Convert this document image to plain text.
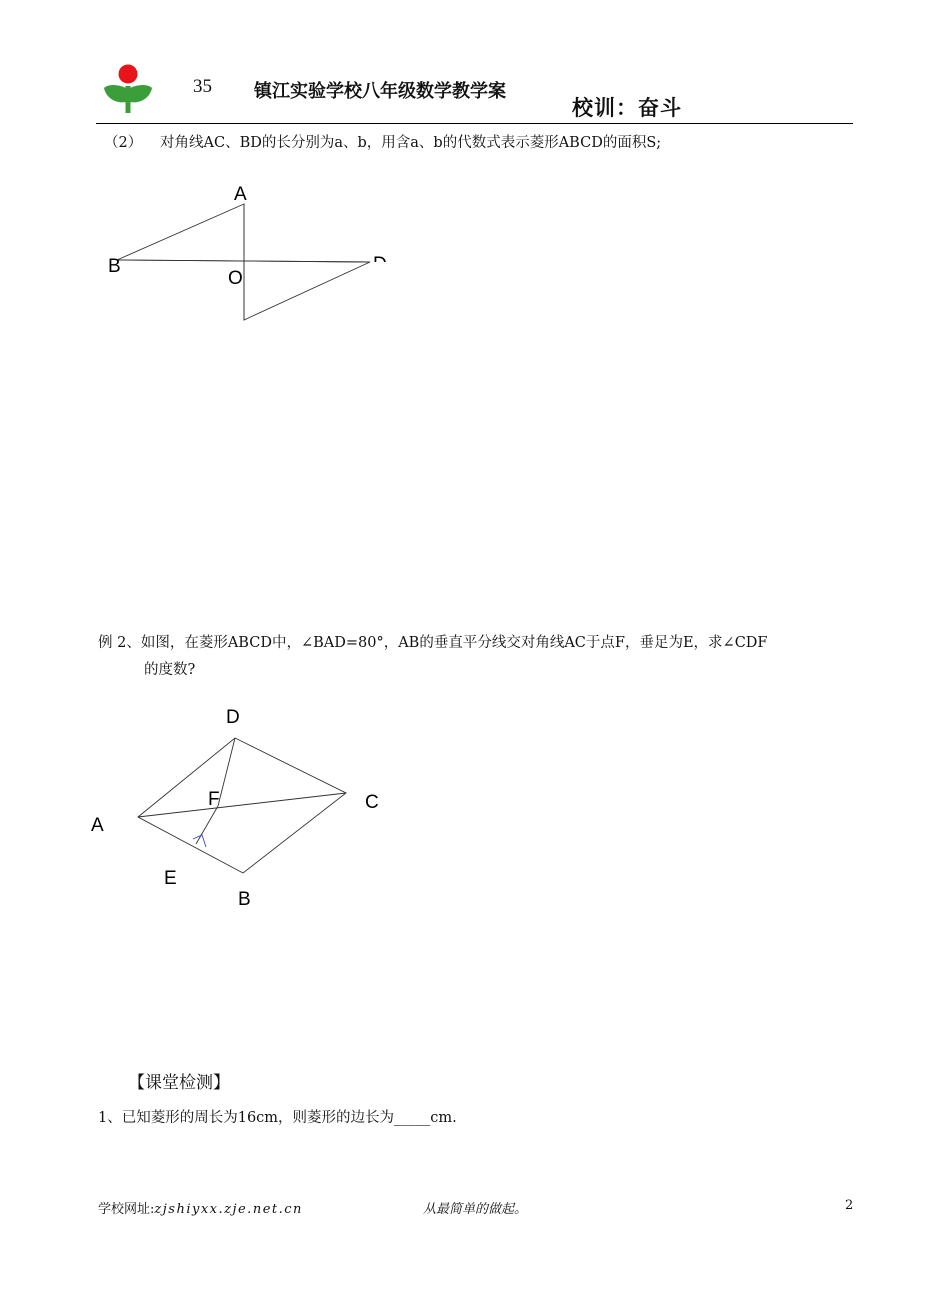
35 镇江实验学校八年级数学教学案
校训：奋斗
（2） 对角线AC、BD的长分别为a、b，用含a、b的代数式表示菱形ABCD的面积S;
A
B
O
例 2、如图，在菱形ABCD中，∠BAD=80°，AB的垂直平分线交对角线AC于点F，垂足为E，求∠CDF
的度数?
D
F	C
A
E
B
【课堂检测】
1、已知菱形的周长为16cm，则菱形的边长为_____cm.
学校网址:zjshiyxx.zje.net.cn	从最简单的做起。	2
